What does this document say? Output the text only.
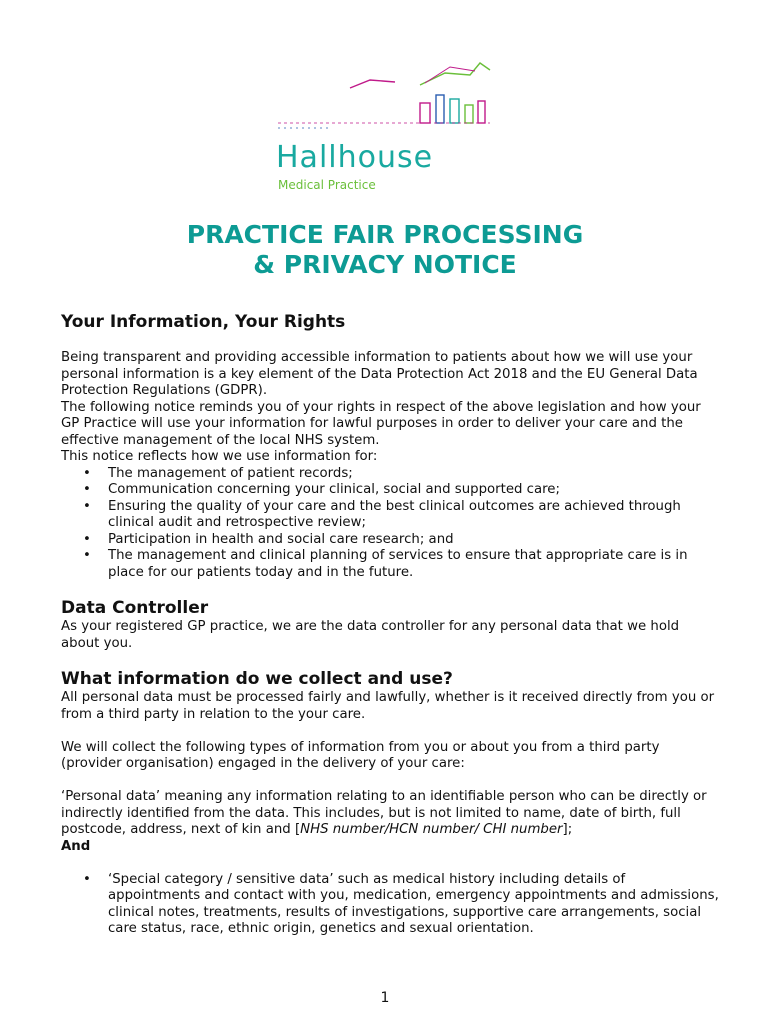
Hallhouse
Medical Practice
PRACTICE FAIR PROCESSING
& PRIVACY NOTICE
Your Information, Your Rights

Being transparent and providing accessible information to patients about how we will use your personal information is a key element of the Data Protection Act 2018 and the EU General Data Protection Regulations (GDPR).

The following notice reminds you of your rights in respect of the above legislation and how your GP Practice will use your information for lawful purposes in order to deliver your care and the effective management of the local NHS system.

This notice reflects how we use information for:

• The management of patient records;
• Communication concerning your clinical, social and supported care;
• Ensuring the quality of your care and the best clinical outcomes are achieved through clinical audit and retrospective review;
• Participation in health and social care research; and
• The management and clinical planning of services to ensure that appropriate care is in place for our patients today and in the future.
Data Controller

As your registered GP practice, we are the data controller for any personal data that we hold about you.

What information do we collect and use?

All personal data must be processed fairly and lawfully, whether is it received directly from you or from a third party in relation to the your care.

We will collect the following types of information from you or about you from a third party (provider organisation) engaged in the delivery of your care:

‘Personal data’ meaning any information relating to an identifiable person who can be directly or indirectly identified from the data. This includes, but is not limited to name, date of birth, full postcode, address, next of kin and [NHS number/HCN number/ CHI number];

And

• ‘Special category / sensitive data’ such as medical history including details of appointments and contact with you, medication, emergency appointments and admissions, clinical notes, treatments, results of investigations, supportive care arrangements, social care status, race, ethnic origin, genetics and sexual orientation.
1
